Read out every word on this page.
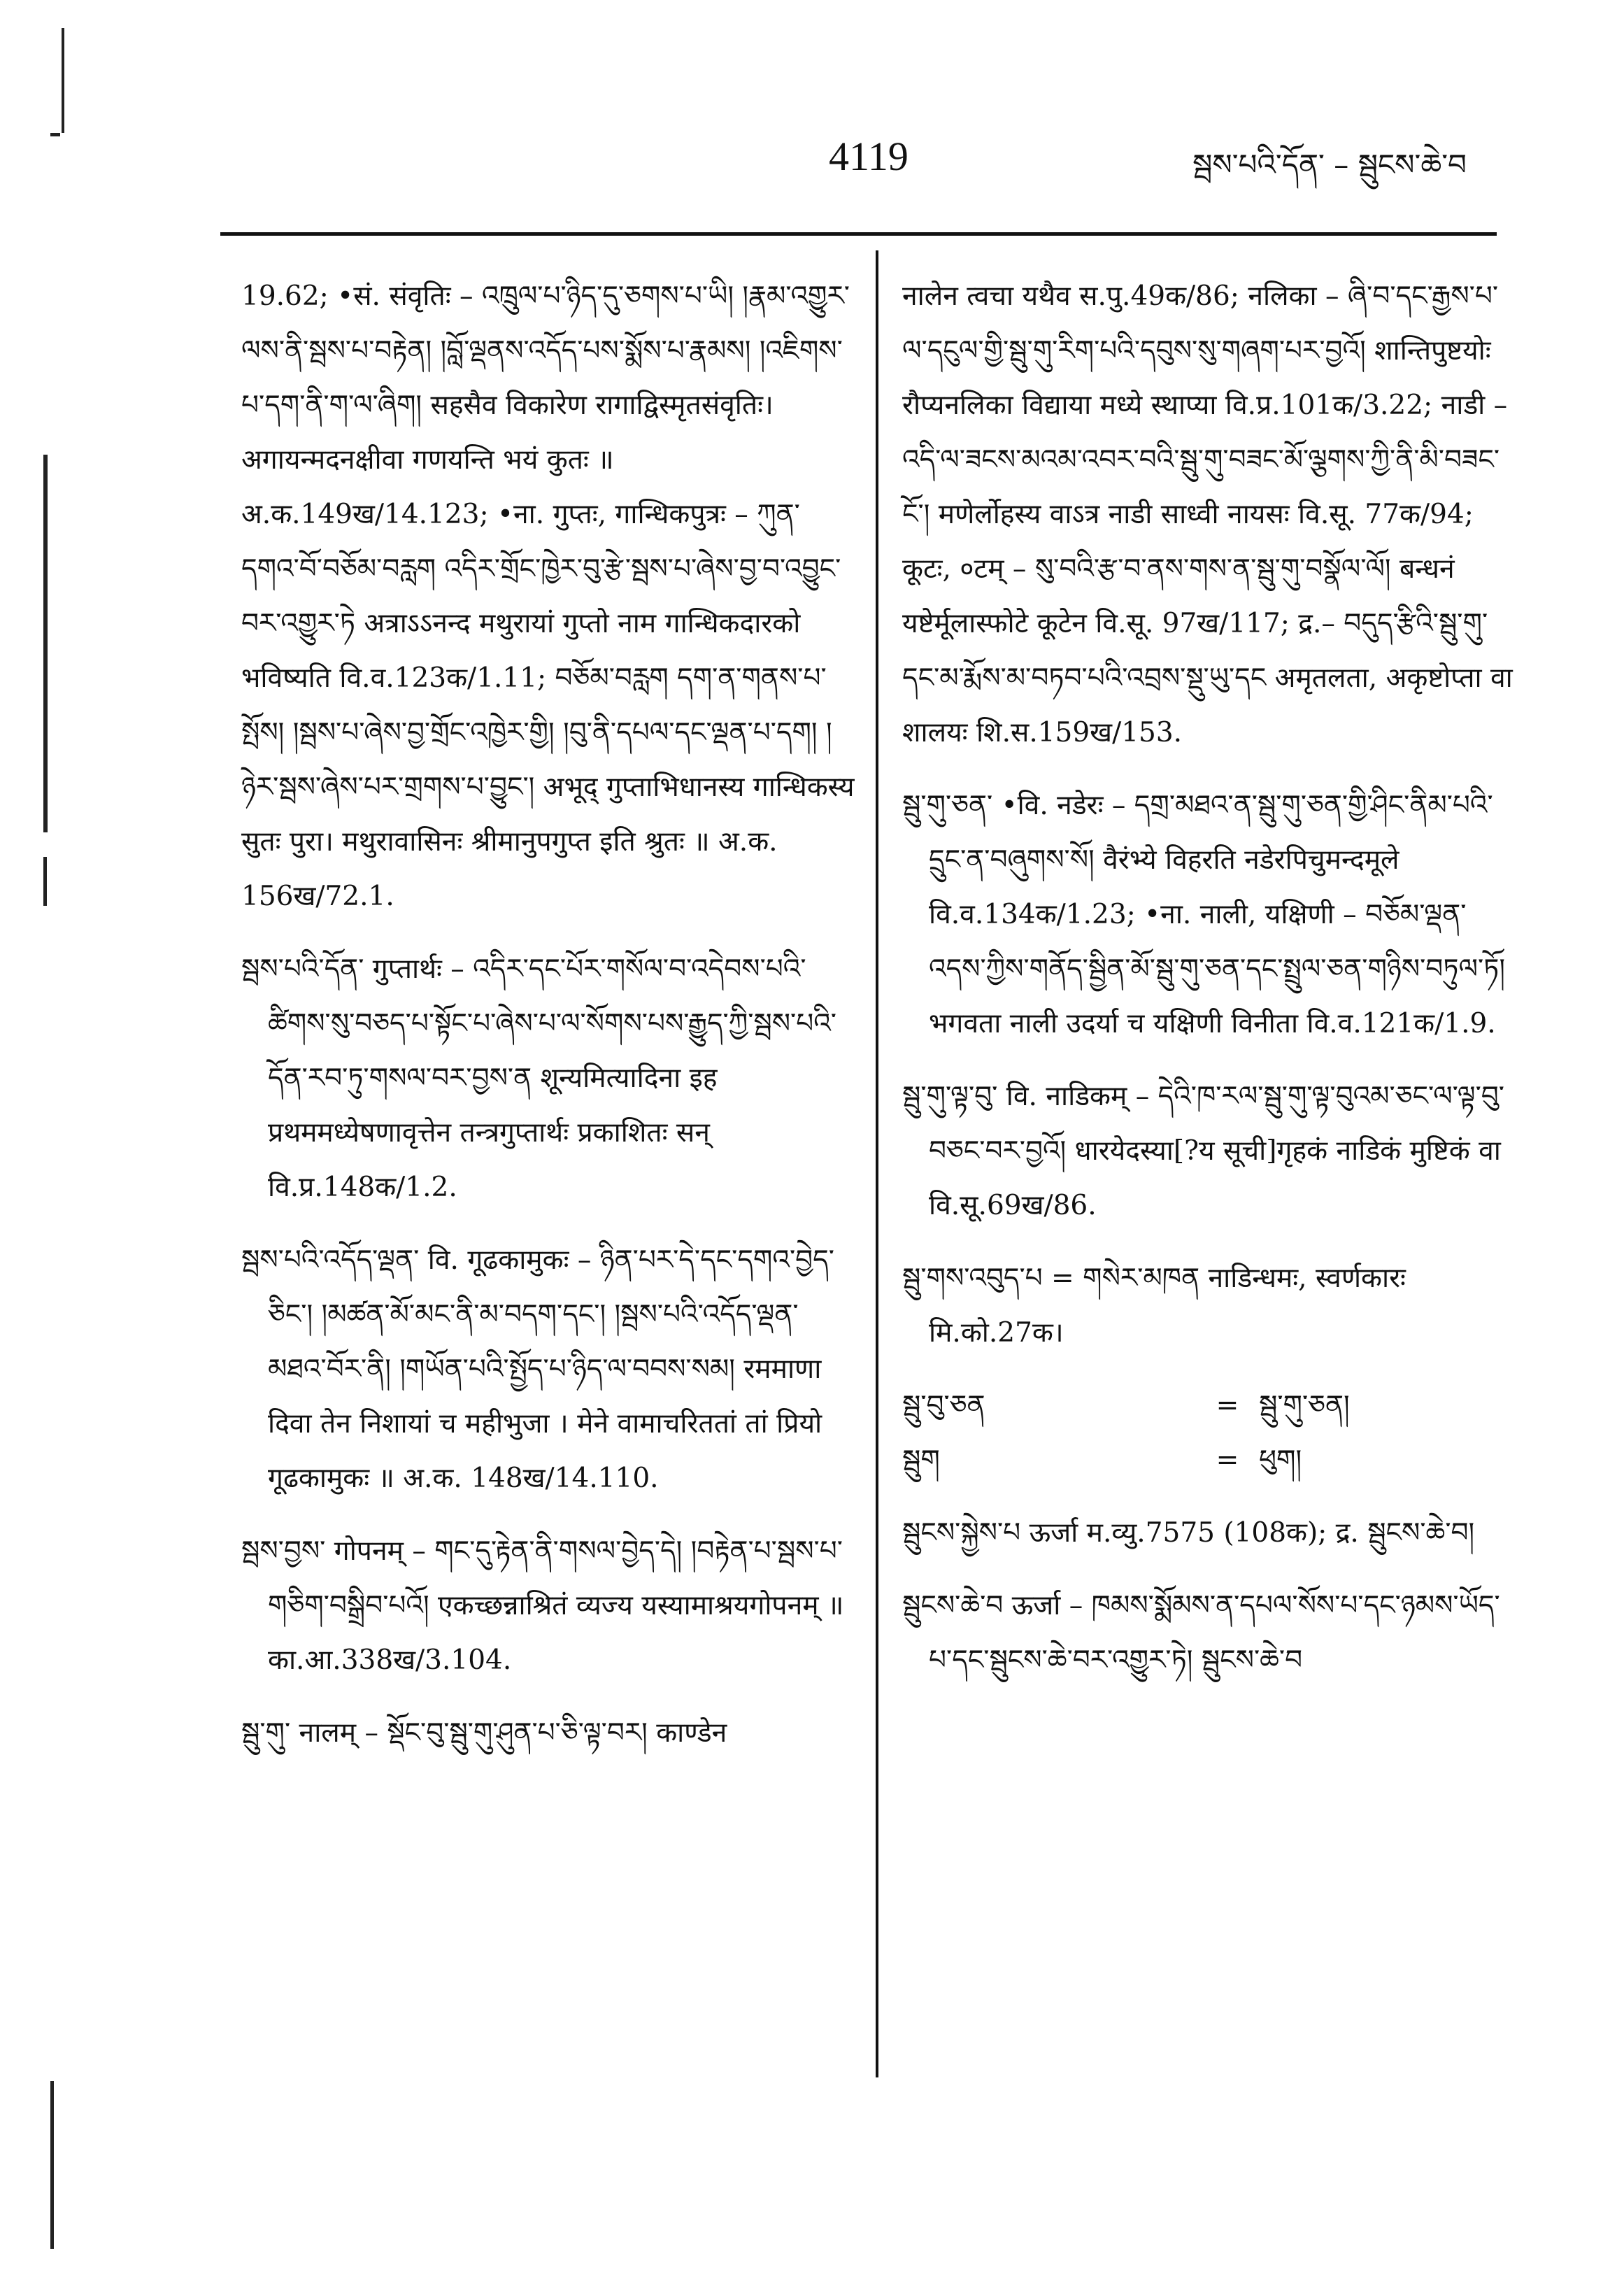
4119	སྦས་པའི་དོན་ – སྦུངས་ཆེ་བ

19.62; •सं. संवृतिः – འཁྲུལ་པ་ཉིད་དུ་ཅགས་པ་ཡི། །རྣམ་འགྱུར་ལས་ནི་སྦས་པ་བརྟེན། །བློ་ལྡནས་འདོད་པས་སྨོས་པ་རྣམས། །འཇིགས་པ་དག་ནི་ག་ལ་ཞིག། सहसैव विकारेण रागाद्विस्मृतसंवृतिः। अगायन्मदनक्षीवा गणयन्ति भयं कुतः ॥ अ.क.149ख/14.123; •ना. गुप्तः, गान्धिकपुत्रः – ཀུན་དགའ་བོ་བཅོམ་བརླག འདིར་གྲོང་ཁྱེར་བུ་རྩེ་སྦས་པ་ཞེས་བྱ་བ་འབྱུང་བར་འགྱུར་ཏེ अत्राऽऽनन्द मथुरायां गुप्तो नाम गान्धिकदारको भविष्यति वि.व.123क/1.11; བཅོམ་བརླག དག་ན་གནས་པ་སྤོས། །སྦས་པ་ཞེས་བྱ་གྲོང་འཁྱེར་གྱི། །བུ་ནི་དཔལ་དང་ལྡན་པ་དག། །ཉེར་སྦས་ཞེས་པར་གྲགས་པ་བྱུང་། अभूद् गुप्ताभिधानस्य गान्धिकस्य सुतः पुरा। मथुरावासिनः श्रीमानुपगुप्त इति श्रुतः ॥ अ.क. 156ख/72.1.

སྦས་པའི་དོན་ गुप्तार्थः – འདིར་དང་པོར་གསོལ་བ་འདེབས་པའི་ཚིགས་སུ་བཅད་པ་སྟོང་པ་ཞེས་པ་ལ་སོགས་པས་རྒྱུད་ཀྱི་སྦས་པའི་དོན་རབ་ཏུ་གསལ་བར་བྱས་ན शून्यमित्यादिना इह प्रथममध्येषणावृत्तेन तन्त्रगुप्तार्थः प्रकाशितः सन् वि.प्र.148क/1.2.

སྦས་པའི་འདོད་ལྡན་ वि. गूढकामुकः – ཉིན་པར་དེ་དང་དགའ་བྱེད་ཅིང་། །མཚན་མོ་མང་ནི་མ་བདག་དང་། །སྦས་པའི་འདོད་ལྡན་མཐའ་བོར་ནི། །གཡོན་པའི་སྤྱོད་པ་ཉིད་ལ་བབས་སམ། रममाणा दिवा तेन निशायां च महीभुजा । मेने वामाचरिततां तां प्रियो गूढकामुकः ॥ अ.क. 148ख/14.110.

སྦས་བྱས་ गोपनम् – གང་དུ་རྟེན་ནི་གསལ་བྱེད་དེ། །བརྟེན་པ་སྦས་པ་གཅིག་བསྒྲིབ་པའོ། एकच्छन्नाश्रितं व्यज्य यस्यामाश्रयगोपनम् ॥ का.आ.338ख/3.104.

སྦུ་གུ་ नालम् – སྡོང་བུ་སྦུ་གུ་ཤུན་པ་ཅི་ལྟ་བར། काण्डेन

नालेन त्वचा यथैव स.पु.49क/86; नलिका – ཞི་བ་དང་རྒྱས་པ་ལ་དངུལ་གྱི་སྦུ་གུ་རིག་པའི་དབུས་སུ་གཞག་པར་བྱའོ། शान्तिपुष्टयोः रौप्यनलिका विद्याया मध्ये स्थाप्या वि.प्र.101क/3.22; नाडी – འདི་ལ་ཟངས་མའམ་འབར་བའི་སྦུ་གུ་བཟང་མོ་ལྕགས་ཀྱི་ནི་མི་བཟང་ངོ་། मणेर्लोहस्य वाऽत्र नाडी साध्वी नायसः वि.सू. 77क/94; कूटः, ०टम् – སུ་བའི་རྩ་བ་ནས་གས་ན་སྦུ་གུ་བསྣོལ་ལོ། बन्धनं यष्टेर्मूलास्फोटे कूटेन वि.सू. 97ख/117; द्र.– བདུད་རྩིའི་སྦུ་གུ་དང་མ་རྨོས་མ་བཏབ་པའི་འབྲས་སྡུ་ཡུ་དང अमृतलता, अकृष्टोप्ता वा शालयः शि.स.159ख/153.

སྦུ་གུ་ཅན་ •वि. नडेरः – དགྲ་མཐའ་ན་སྦུ་གུ་ཅན་གྱི་ཤིང་ནིམ་པའི་དྲུང་ན་བཞུགས་སོ། वैरंभ्ये विहरति नडेरपिचुमन्दमूले वि.व.134क/1.23; •ना. नाली, यक्षिणी – བཅོམ་ལྡན་འདས་ཀྱིས་གནོད་སྦྱིན་མོ་སྦུ་གུ་ཅན་དང་སྤྲུལ་ཅན་གཉིས་བཏུལ་ཏོ། भगवता नाली उदर्या च यक्षिणी विनीता वि.व.121क/1.9.

སྦུ་གུ་ལྟ་བུ་ वि. नाडिकम् – དེའི་ཁ་རལ་སྦུ་གུ་ལྟ་བུའམ་ཅང་ལ་ལྟ་བུ་བཅང་བར་བྱའོ། धारयेदस्या[?य सूची]गृहकं नाडिकं मुष्टिकं वा वि.सू.69ख/86.

སྦུ་གས་འབུད་པ = གསེར་མཁན नाडिन्धमः, स्वर्णकारः मि.को.27क।

སྦུ་བུ་ཅན	= སྦུ་གུ་ཅན།
སྦུག	= ཕུག།

སྦུངས་སྐྱེས་པ ऊर्जा म.व्यु.7575 (108क); द्र. སྦུངས་ཆེ་བ།

སྦུངས་ཆེ་བ ऊर्जा – ཁམས་སྨོམས་ན་དཔལ་སོས་པ་དང་ཉམས་ཡོད་པ་དང་སྦུངས་ཆེ་བར་འགྱུར་ཏེ། སྦུངས་ཆེ་བ
